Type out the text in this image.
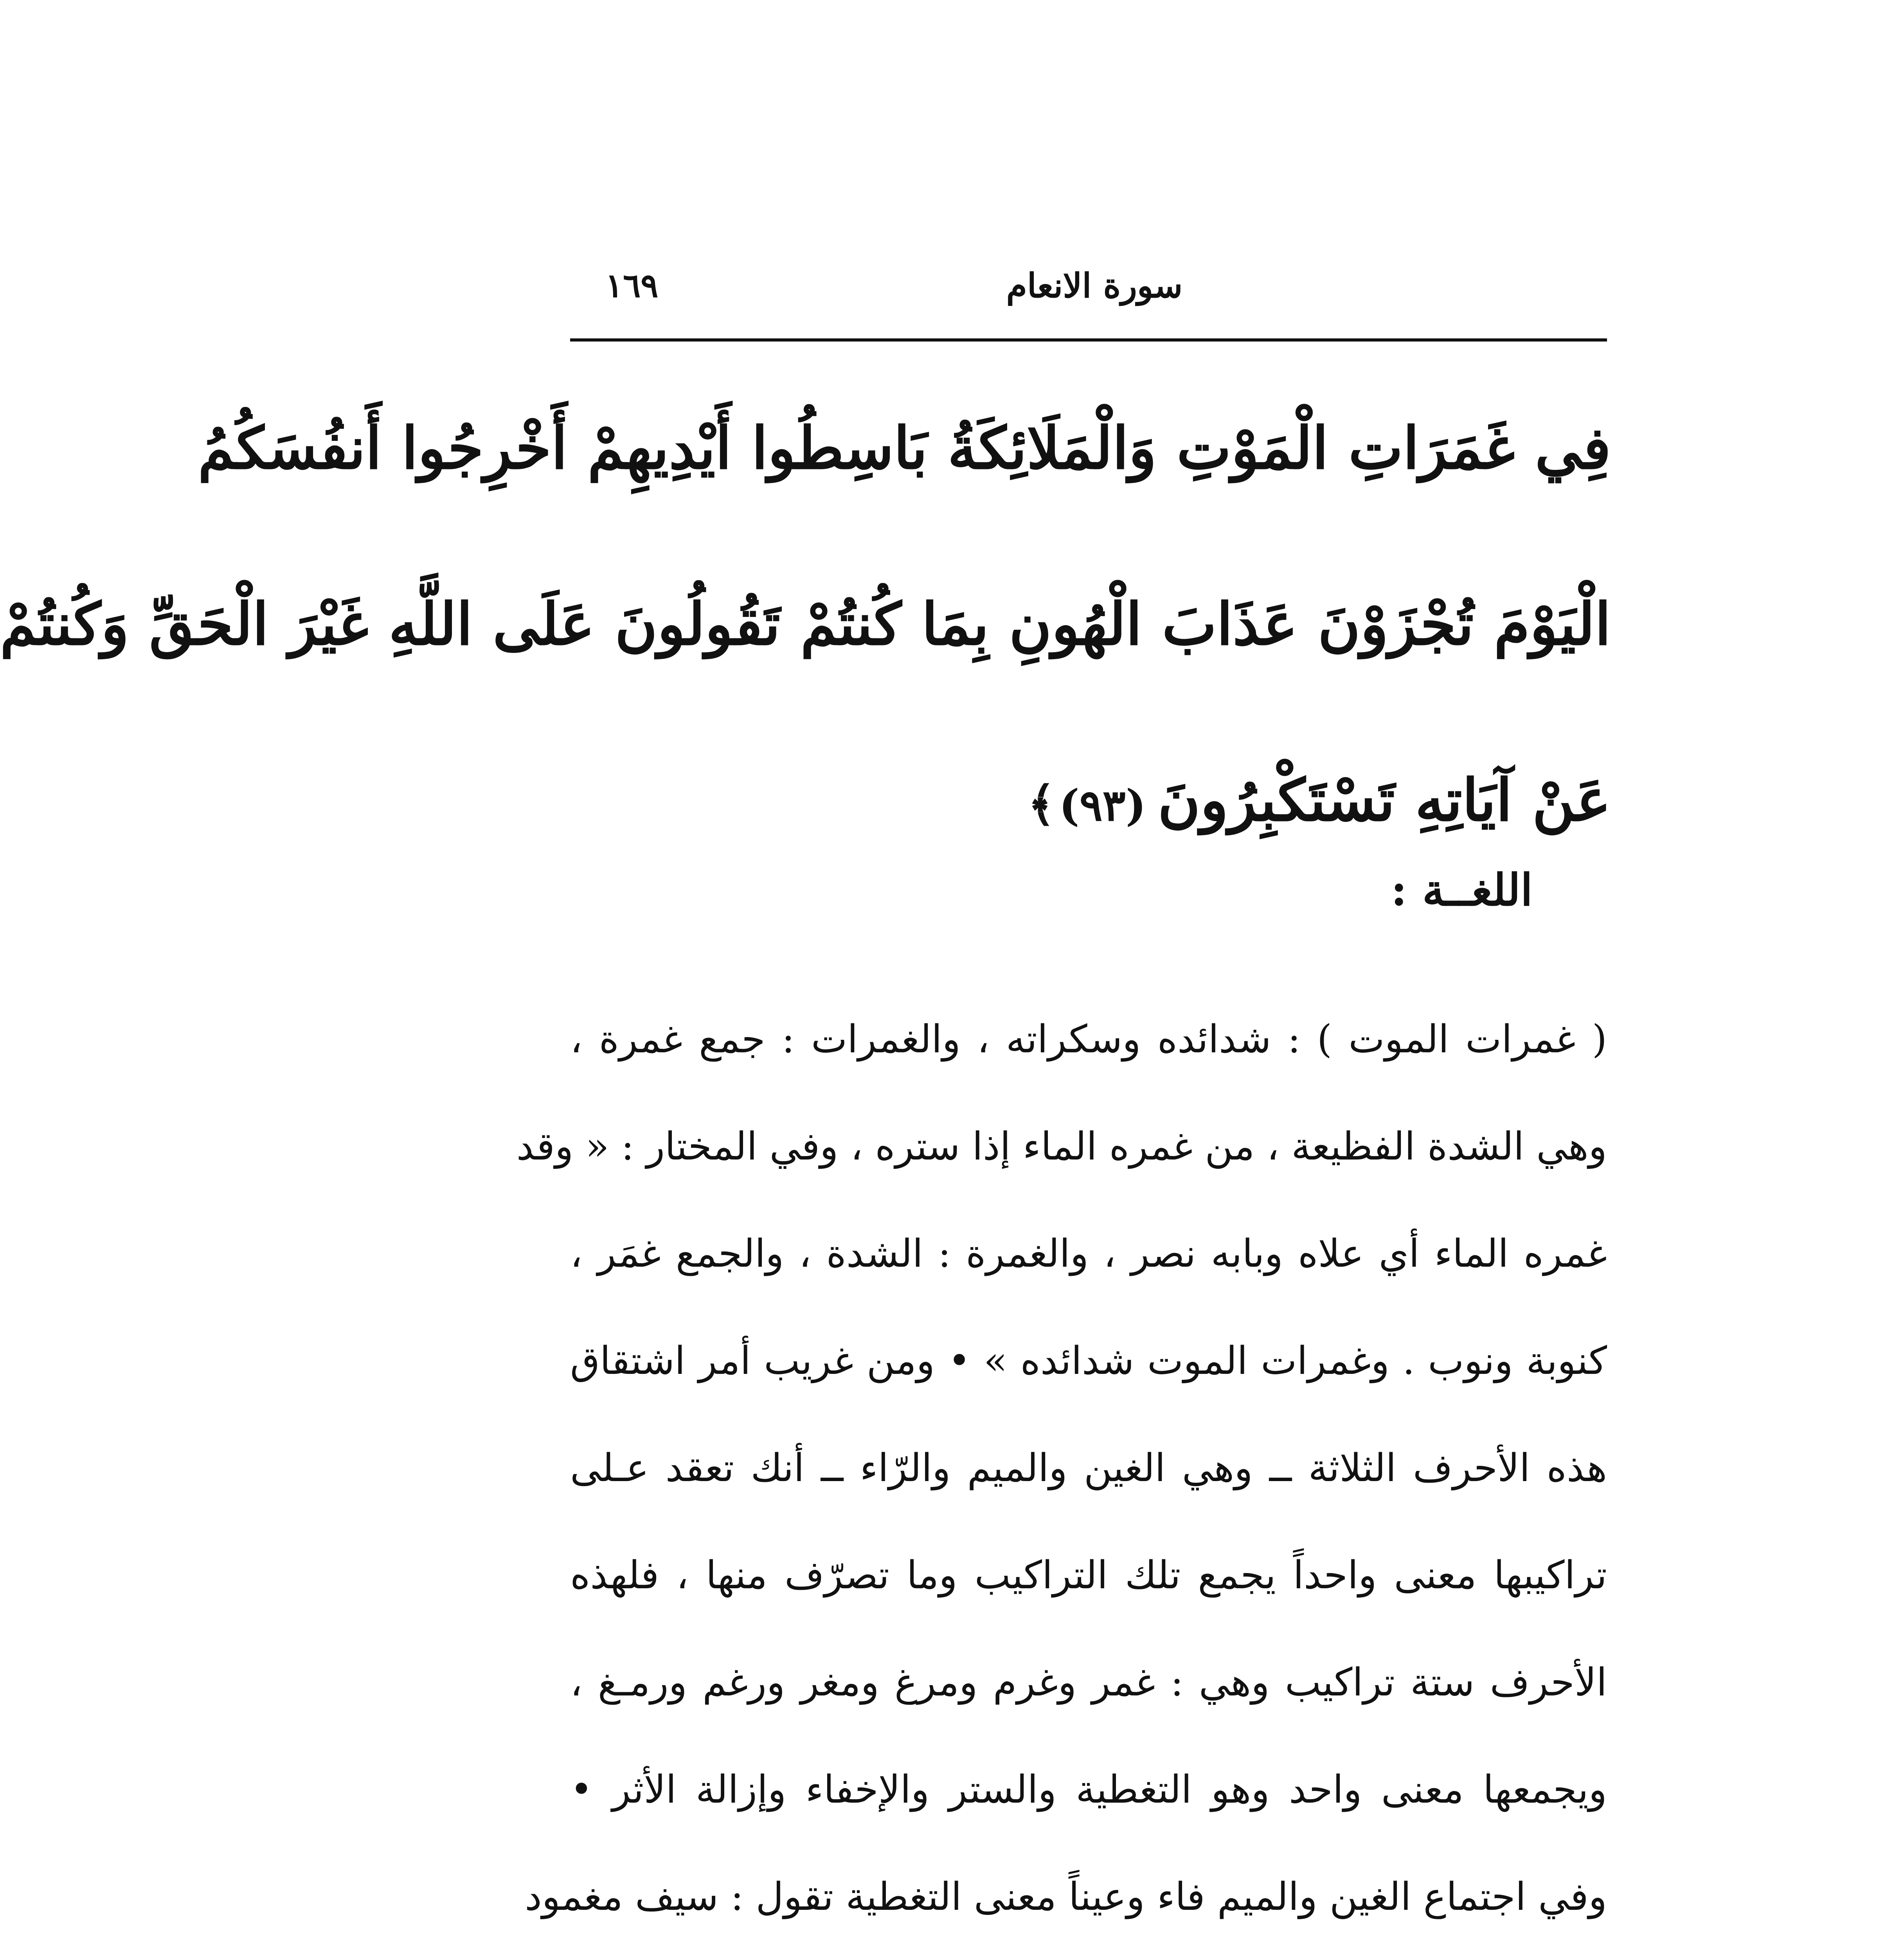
سورة الانعام
١٦٩
فِي غَمَرَاتِ الْمَوْتِ وَالْمَلَائِكَةُ بَاسِطُوا أَيْدِيهِمْ أَخْرِجُوا أَنفُسَكُمُ
الْيَوْمَ تُجْزَوْنَ عَذَابَ الْهُونِ بِمَا كُنتُمْ تَقُولُونَ عَلَى اللَّهِ غَيْرَ الْحَقِّ وَكُنتُمْ
عَنْ آيَاتِهِ تَسْتَكْبِرُونَ(٩٣)﴾
اللغــة :
( غمرات الموت ) : شدائده وسكراته ، والغمرات : جمع غمرة ،
وهي الشدة الفظيعة ، من غمره الماء إذا ستره ، وفي المختار : « وقد
غمره الماء أي علاه وبابه نصر ، والغمرة : الشدة ، والجمع غمَر ،
كنوبة ونوب . وغمرات الموت شدائده » • ومن غريب أمر اشتقاق
هذه الأحرف الثلاثة ــ وهي الغين والميم والرّاء ــ أنك تعقد عـلى
تراكيبها معنى واحداً يجمع تلك التراكيب وما تصرّف منها ، فلهذه
الأحرف ستة تراكيب وهي : غمر وغرم ومرغ ومغر ورغم ورمـغ ،
ويجمعها معنى واحد وهو التغطية والستر والإخفاء وإزالة الأثر •
وفي اجتماع الغين والميم فاء وعيناً معنى التغطية تقول : سيف مغمود
